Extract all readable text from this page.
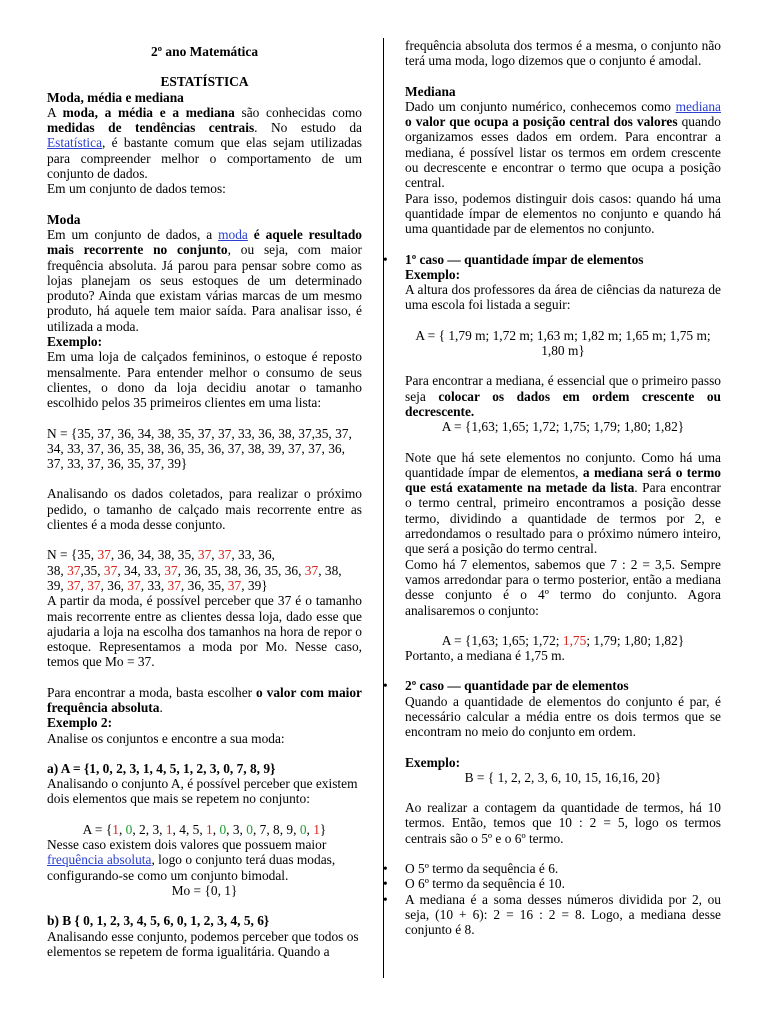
2º ano Matemática

ESTATÍSTICA

Moda, média e mediana

A moda, a média e a mediana são conhecidas como medidas de tendências centrais. No estudo da Estatística, é bastante comum que elas sejam utilizadas para compreender melhor o comportamento de um conjunto de dados.

Em um conjunto de dados temos:

Moda

Em um conjunto de dados, a moda é aquele resultado mais recorrente no conjunto, ou seja, com maior frequência absoluta. Já parou para pensar sobre como as lojas planejam os seus estoques de um determinado produto? Ainda que existam várias marcas de um mesmo produto, há aquele tem maior saída. Para analisar isso, é utilizada a moda.

Exemplo:

Em uma loja de calçados femininos, o estoque é reposto mensalmente. Para entender melhor o consumo de seus clientes, o dono da loja decidiu anotar o tamanho escolhido pelos 35 primeiros clientes em uma lista:

N = {35, 37, 36, 34, 38, 35, 37, 37, 33, 36, 38, 37,35, 37, 34, 33, 37, 36, 35, 38, 36, 35, 36, 37, 38, 39, 37, 37, 36, 37, 33, 37, 36, 35, 37, 39}

Analisando os dados coletados, para realizar o próximo pedido, o tamanho de calçado mais recorrente entre as clientes é a moda desse conjunto.

N = {35, 37, 36, 34, 38, 35, 37, 37, 33, 36,
38, 37,35, 37, 34, 33, 37, 36, 35, 38, 36, 35, 36, 37, 38,
39, 37, 37, 36, 37, 33, 37, 36, 35, 37, 39}

A partir da moda, é possível perceber que 37 é o tamanho mais recorrente entre as clientes dessa loja, dado esse que ajudaria a loja na escolha dos tamanhos na hora de repor o estoque. Representamos a moda por Mo. Nesse caso, temos que Mo = 37.

Para encontrar a moda, basta escolher o valor com maior frequência absoluta.

Exemplo 2:

Analise os conjuntos e encontre a sua moda:

a) A = {1, 0, 2, 3, 1, 4, 5, 1, 2, 3, 0, 7, 8, 9}

Analisando o conjunto A, é possível perceber que existem dois elementos que mais se repetem no conjunto:

A = {1, 0, 2, 3, 1, 4, 5, 1, 0, 3, 0, 7, 8, 9, 0, 1}

Nesse caso existem dois valores que possuem maior frequência absoluta, logo o conjunto terá duas modas, configurando-se como um conjunto bimodal.

Mo = {0, 1}

b) B { 0, 1, 2, 3, 4, 5, 6, 0, 1, 2, 3, 4, 5, 6}

Analisando esse conjunto, podemos perceber que todos os elementos se repetem de forma igualitária. Quando a

frequência absoluta dos termos é a mesma, o conjunto não terá uma moda, logo dizemos que o conjunto é amodal.

Mediana

Dado um conjunto numérico, conhecemos como mediana o valor que ocupa a posição central dos valores quando organizamos esses dados em ordem. Para encontrar a mediana, é possível listar os termos em ordem crescente ou decrescente e encontrar o termo que ocupa a posição central.

Para isso, podemos distinguir dois casos: quando há uma quantidade ímpar de elementos no conjunto e quando há uma quantidade par de elementos no conjunto.

• 1º caso — quantidade ímpar de elementos

Exemplo:

A altura dos professores da área de ciências da natureza de uma escola foi listada a seguir:

A = { 1,79 m; 1,72 m; 1,63 m; 1,82 m; 1,65 m; 1,75 m;

1,80 m}

Para encontrar a mediana, é essencial que o primeiro passo seja colocar os dados em ordem crescente ou decrescente.

A = {1,63; 1,65; 1,72; 1,75; 1,79; 1,80; 1,82}

Note que há sete elementos no conjunto. Como há uma quantidade ímpar de elementos, a mediana será o termo que está exatamente na metade da lista. Para encontrar o termo central, primeiro encontramos a posição desse termo, dividindo a quantidade de termos por 2, e arredondamos o resultado para o próximo número inteiro, que será a posição do termo central.

Como há 7 elementos, sabemos que 7 : 2 = 3,5. Sempre vamos arredondar para o termo posterior, então a mediana desse conjunto é o 4º termo do conjunto. Agora analisaremos o conjunto:

A = {1,63; 1,65; 1,72; 1,75; 1,79; 1,80; 1,82}

Portanto, a mediana é 1,75 m.

• 2º caso — quantidade par de elementos

Quando a quantidade de elementos do conjunto é par, é necessário calcular a média entre os dois termos que se encontram no meio do conjunto em ordem.

Exemplo:

B = { 1, 2, 2, 3, 6, 10, 15, 16,16, 20}

Ao realizar a contagem da quantidade de termos, há 10 termos. Então, temos que 10 : 2 = 5, logo os termos centrais são o 5º e o 6º termo.

• O 5º termo da sequência é 6.

• O 6º termo da sequência é 10.

• A mediana é a soma desses números dividida por 2, ou seja, (10 + 6): 2 = 16 : 2 = 8. Logo, a mediana desse conjunto é 8.
